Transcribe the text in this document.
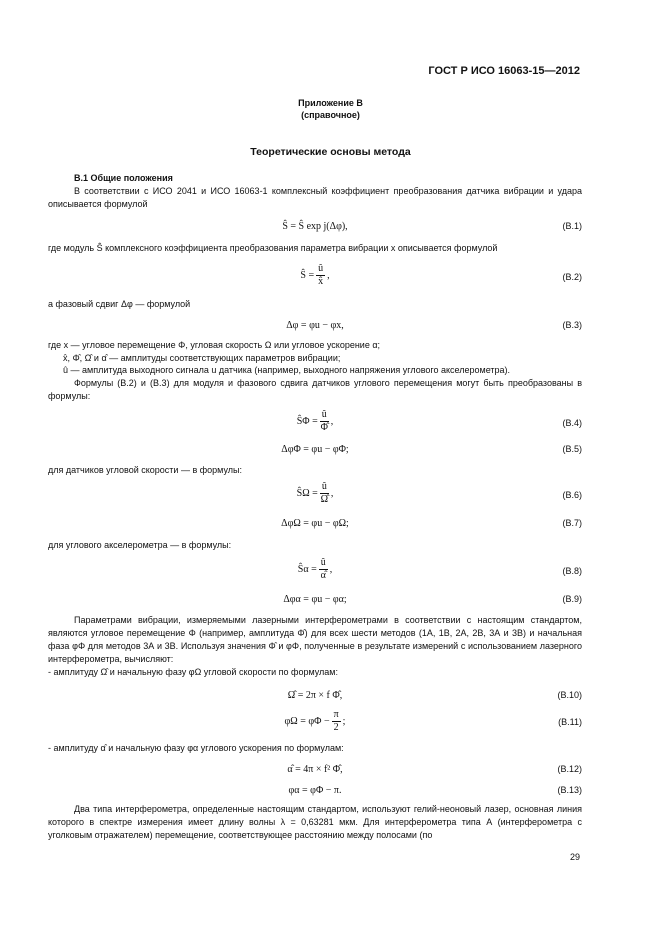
ГОСТ Р ИСО 16063-15—2012
Приложение В
(справочное)
Теоретические основы метода
В.1 Общие положения
В соответствии с ИСО 2041 и ИСО 16063-1 комплексный коэффициент преобразования датчика вибрации и удара описывается формулой
Ŝ = Ŝ exp j(Δφ),	(В.1)
где модуль Ŝ комплексного коэффициента преобразования параметра вибрации x описывается формулой
Ŝ = $\frac{û}{x̂}$ ,	(В.2)
а фазовый сдвиг Δφ — формулой
Δφ = φu − φx,	(В.3)
где x — угловое перемещение Φ, угловая скорость Ω или угловое ускорение α;
x̂, Φ̂, Ω̂ и α̂ — амплитуды соответствующих параметров вибрации;
û — амплитуда выходного сигнала u датчика (например, выходного напряжения углового акселерометра).
Формулы (В.2) и (В.3) для модуля и фазового сдвига датчиков углового перемещения могут быть преобразованы в формулы:
ŜΦ = $\frac{û}{\Phî}$ ,	(В.4)
ΔφΦ = φu − φΦ;	(В.5)
для датчиков угловой скорости — в формулы:
ŜΩ = $\frac{û}{\Omegâ}$ ,	(В.6)
ΔφΩ = φu − φΩ;	(В.7)
для углового акселерометра — в формулы:
Ŝα = $\frac{û}{\alphâ}$ ,	(В.8)
Δφα = φu − φα;	(В.9)
Параметрами вибрации, измеряемыми лазерными интерферометрами в соответствии с настоящим стандартом, являются угловое перемещение Φ (например, амплитуда Φ̂) для всех шести методов (1А, 1В, 2А, 2В, 3А и 3В) и начальная фаза φΦ для методов 3А и 3В. Используя значения Φ̂ и φΦ, полученные в результате измерений с использованием лазерного интерферометра, вычисляют:
- амплитуду Ω̂ и начальную фазу φΩ угловой скорости по формулам:
Ω̂ = 2π × f Φ̂,	(В.10)
$\varphi\Omega = \varphi\Phi - \frac{\pi}{2}$ ;	(В.11)
- амплитуду α̂ и начальную фазу φα углового ускорения по формулам:
α̂ = 4π × f² Φ̂,	(В.12)
φα = φΦ − π.	(В.13)
Два типа интерферометра, определенные настоящим стандартом, используют гелий-неоновый лазер, основная линия которого в спектре измерения имеет длину волны λ = 0,63281 мкм. Для интерферометра типа А (интерферометра с уголковым отражателем) перемещение, соответствующее расстоянию между полосами (по
29
